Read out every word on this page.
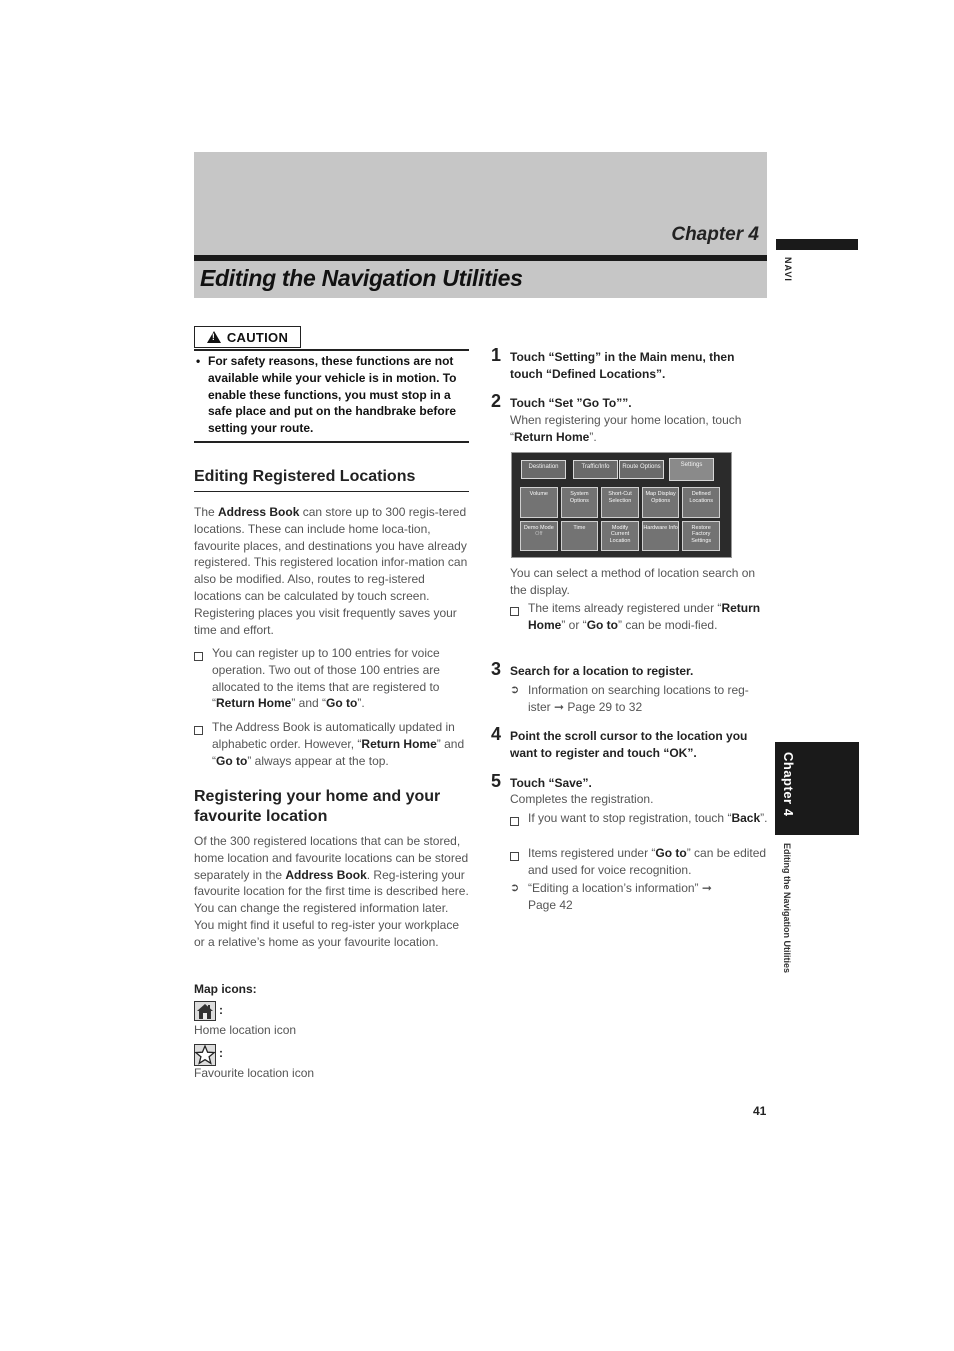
Chapter 4
Editing the Navigation Utilities	NAVI
Chapter 4
Editing the Navigation Utilities
!
CAUTION
• For safety reasons, these functions are not available while your vehicle is in motion. To enable these functions, you must stop in a safe place and put on the handbrake before setting your route.
Editing Registered Locations
The Address Book can store up to 300 regis-tered locations. These can include home loca-tion, favourite places, and destinations you have already registered. This registered location infor-mation can also be modified. Also, routes to reg-istered locations can be calculated by touch screen. Registering places you visit frequently saves your time and effort.
You can register up to 100 entries for voice operation. Two out of those 100 entries are allocated to the items that are registered to “Return Home” and “Go to”.
The Address Book is automatically updated in alphabetic order. However, “Return Home” and “Go to” always appear at the top.
Registering your home and your favourite location
Of the 300 registered locations that can be stored, home location and favourite locations can be stored separately in the Address Book. Reg-istering your favourite location for the first time is described here. You can change the registered information later. You might find it useful to reg-ister your workplace or a relative’s home as your favourite location.
Map icons:
:
Home location icon
:
Favourite location icon
1 Touch “Setting” in the Main menu, then touch “Defined Locations”.
2 Touch “Set ”Go To””.
When registering your home location, touch “Return Home”.
Destination	Traffic/Info	Route Options	Settings
Volume	System Options
Short-Cut Selection
Map Display Options
Defined Locations
Demo Mode
Off
Time	Modify Current Location
Hardware Info	Restore Factory Settings
You can select a method of location search on the display.
The items already registered under “Return Home” or “Go to” can be modi-fied.
3 Search for a location to register.
➲ Information on searching locations to reg-ister ➞ Page 29 to 32
4 Point the scroll cursor to the location you want to register and touch “OK”.
5 Touch “Save”.
Completes the registration.
If you want to stop registration, touch “Back”.
Items registered under “Go to” can be edited and used for voice recognition.
➲ “Editing a location’s information” ➞ Page 42
41
